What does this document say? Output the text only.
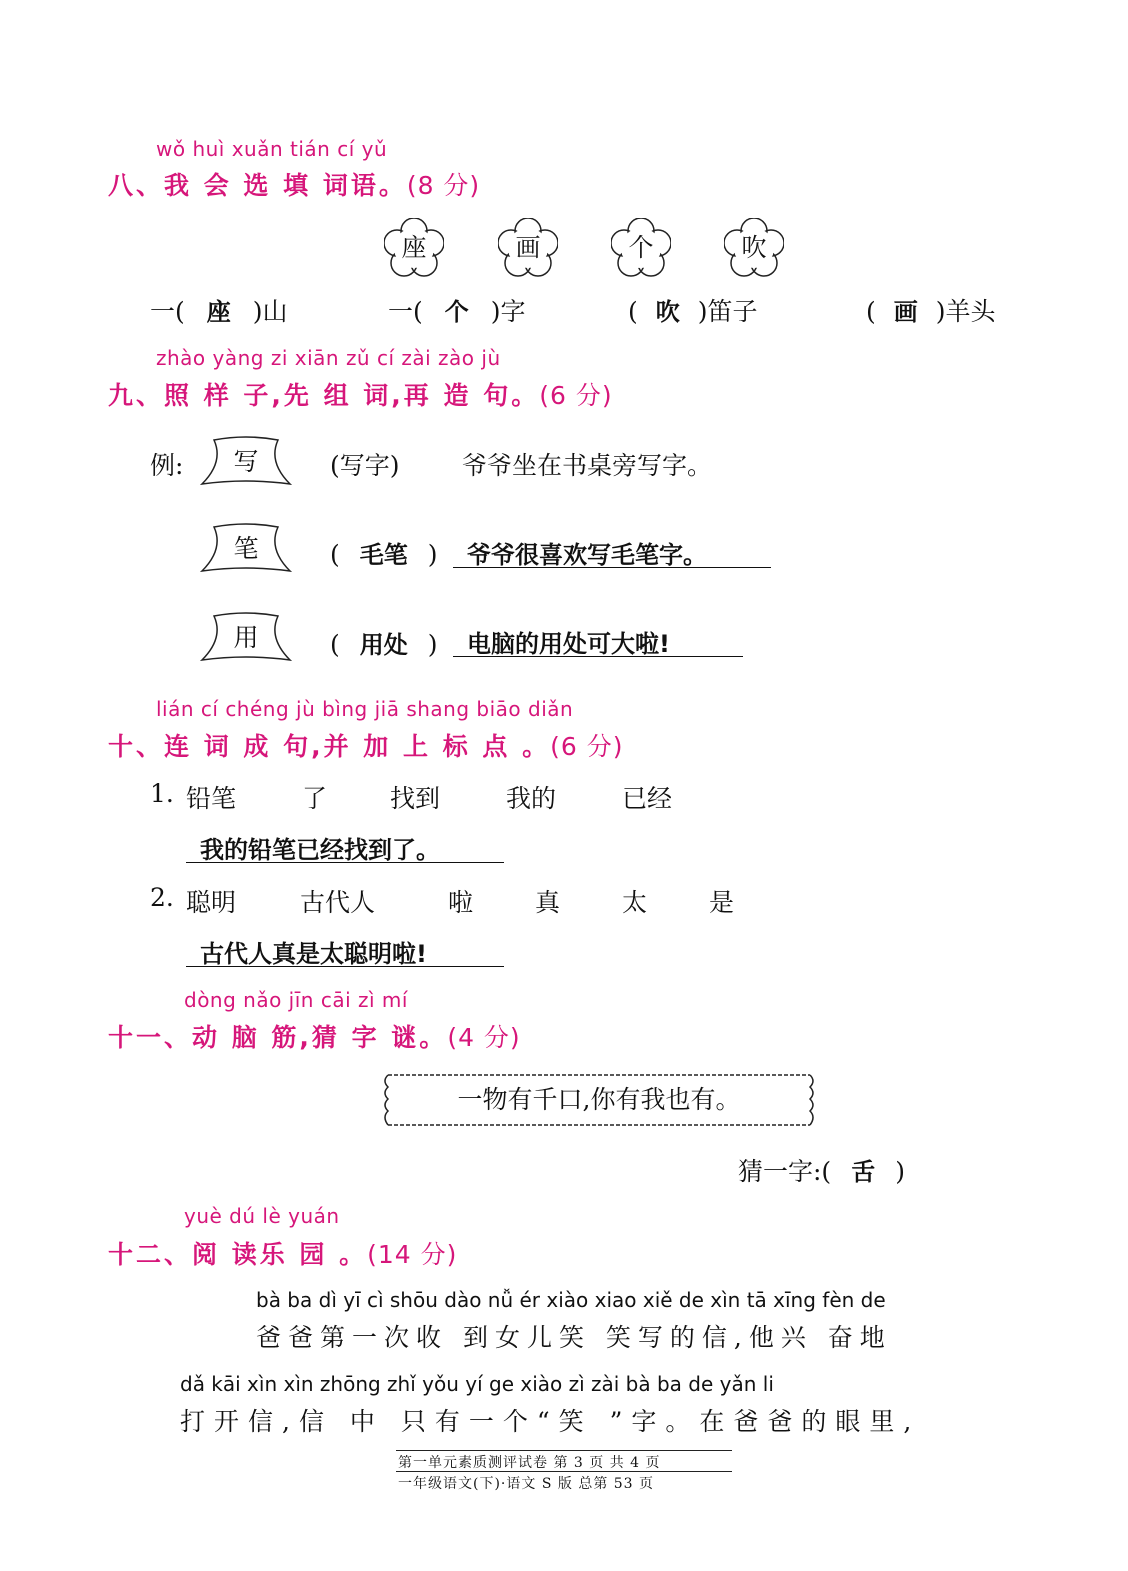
wǒ huì xuǎn tián cí yǔ
八、我 会 选 填 词语。(8 分)
座	画	个	吹
一( 座 )山	一( 个 )字	( 吹 )笛子	( 画 )羊头
zhào yàng zi xiān zǔ cí zài zào jù
九、照 样 子,先 组 词,再 造 句。(6 分)
例:	写	(写字) 爷爷坐在书桌旁写字。
笔	( 毛笔 ) 爷爷很喜欢写毛笔字。
用	( 用处 ) 电脑的用处可大啦!
lián cí chéng jù bìng jiā shang biāo diǎn
十、连 词 成 句,并 加 上 标 点 。(6 分)
1. 铅笔	了	找到	我的	已经
我的铅笔已经找到了。
2. 聪明	古代人	啦 真 太 是
古代人真是太聪明啦!
dòng nǎo jīn cāi zì mí
十一、动 脑 筋,猜 字 谜。(4 分)
一物有千口,你有我也有。
猜一字:( 舌 )
yuè dú lè yuán
十二、阅 读乐 园 。(14 分)
bà ba dì yī cì shōu dào nǚ ér xiào xiao xiě de xìn tā xīng fèn de
爸爸第一次收 到女儿笑 笑写的信,他兴 奋地
dǎ kāi xìn xìn zhōng zhǐ yǒu yí ge xiào zì zài bà ba de yǎn li
打开信,信 中 只有一个“笑 ”字。在爸爸的眼里,
第一单元素质测评试卷 第 3 页 共 4 页
一年级语文(下)·语文 S 版 总第 53 页
